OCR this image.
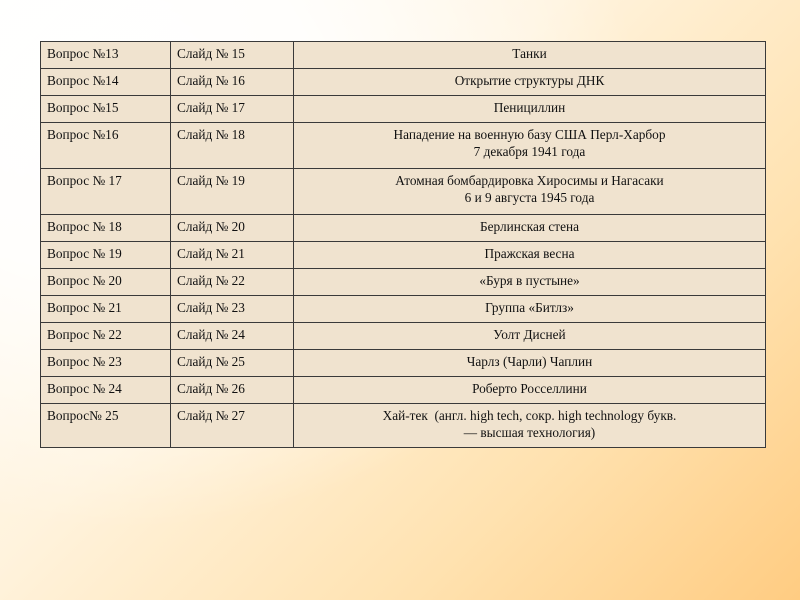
Вопрос №13	Слайд № 15	Танки

Вопрос №14	Слайд № 16	Открытие структуры ДНК

Вопрос №15	Слайд № 17	Пенициллин

Вопрос №16	Слайд № 18	Нападение на военную базу США Перл-Харбор
7 декабря 1941 года

Вопрос № 17	Слайд № 19	Атомная бомбардировка Хиросимы и Нагасаки
6 и 9 августа 1945 года

Вопрос № 18	Слайд № 20	Берлинская стена

Вопрос № 19	Слайд № 21	Пражская весна

Вопрос № 20	Слайд № 22	«Буря в пустыне»

Вопрос № 21	Слайд № 23	Группа «Битлз»

Вопрос № 22	Слайд № 24	Уолт Дисней

Вопрос № 23	Слайд № 25	Чарлз (Чарли) Чаплин

Вопрос № 24	Слайд № 26	Роберто Росселлини

Вопрос№ 25	Слайд № 27	Хай-тек  (англ. high tech, сокр. high technology букв.
— высшая технология)
